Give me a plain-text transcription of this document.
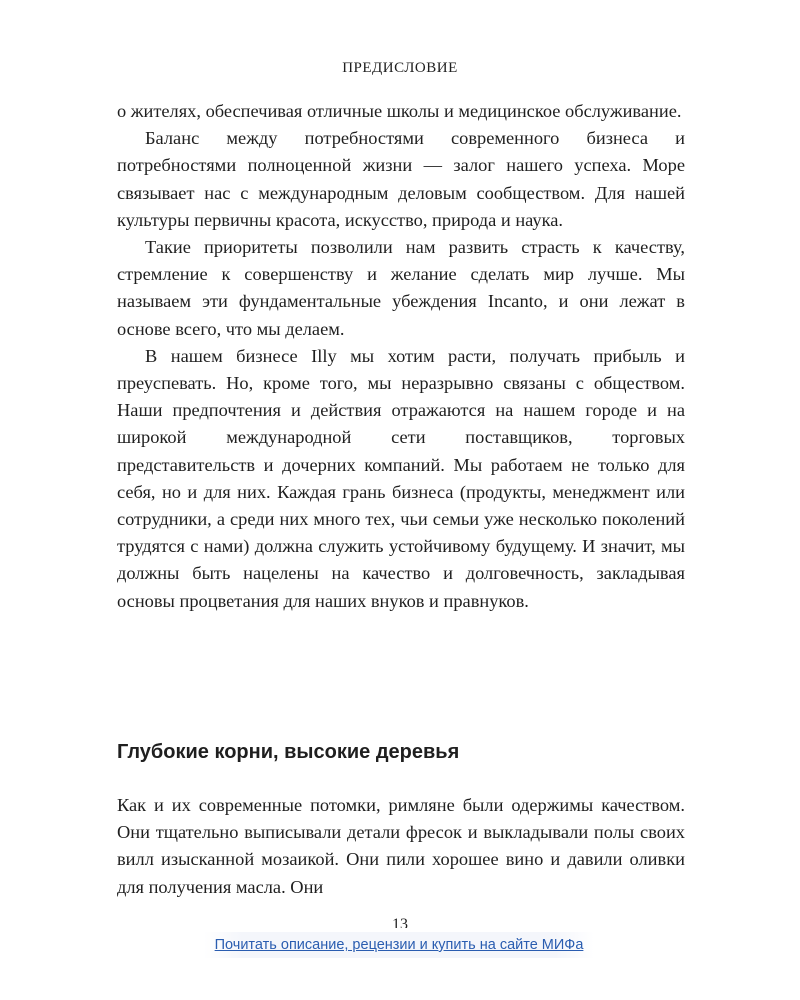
ПРЕДИСЛОВИЕ

о жителях, обеспечивая отличные школы и медицинское обслуживание.

Баланс между потребностями современного бизнеса и потребностями полноценной жизни — залог нашего успеха. Море связывает нас с международным деловым сообществом. Для нашей культуры первичны красота, искусство, природа и наука.

Такие приоритеты позволили нам развить страсть к качеству, стремление к совершенству и желание сделать мир лучше. Мы называем эти фундаментальные убеждения Incanto, и они лежат в основе всего, что мы делаем.

В нашем бизнесе Illy мы хотим расти, получать прибыль и преуспевать. Но, кроме того, мы неразрывно связаны с обществом. Наши предпочтения и действия отражаются на нашем городе и на широкой международной сети поставщиков, торговых представительств и дочерних компаний. Мы работаем не только для себя, но и для них. Каждая грань бизнеса (продукты, менеджмент или сотрудники, а среди них много тех, чьи семьи уже несколько поколений трудятся с нами) должна служить устойчивому будущему. И значит, мы должны быть нацелены на качество и долговечность, закладывая основы процветания для наших внуков и правнуков.

Глубокие корни, высокие деревья

Как и их современные потомки, римляне были одержимы качеством. Они тщательно выписывали детали фресок и выкладывали полы своих вилл изысканной мозаикой. Они пили хорошее вино и давили оливки для получения масла. Они

13
Почитать описание, рецензии и купить на сайте МИФа
